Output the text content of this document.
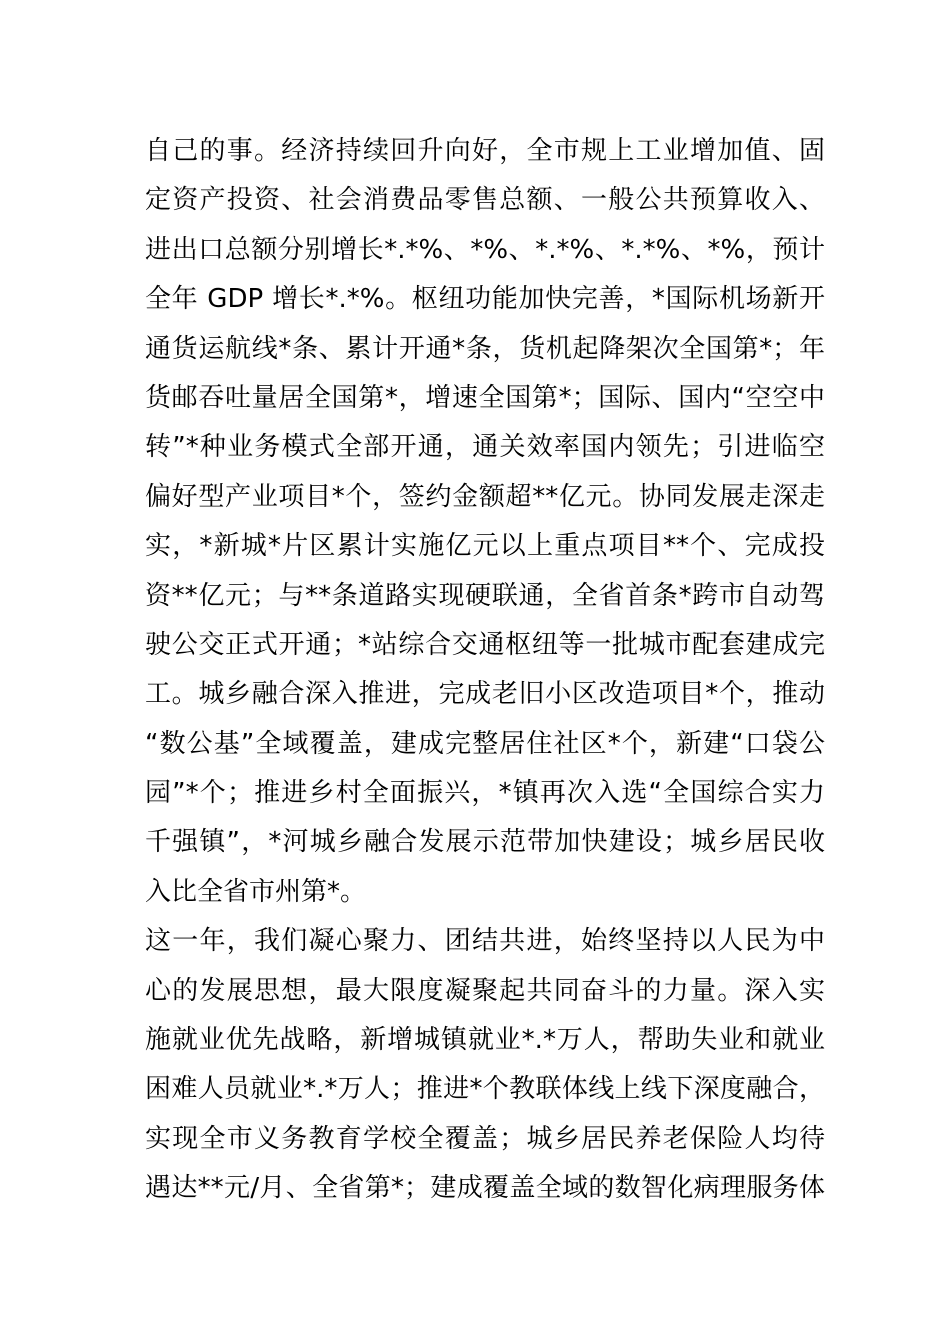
自己的事。经济持续回升向好，全市规上工业增加值、固
定资产投资、社会消费品零售总额、一般公共预算收入、
进出口总额分别增长*.*%、*%、*.*%、*.*%、*%，预计
全年 GDP 增长*.*%。枢纽功能加快完善，*国际机场新开
通货运航线*条、累计开通*条，货机起降架次全国第*；年
货邮吞吐量居全国第*，增速全国第*；国际、国内“空空中
转”*种业务模式全部开通，通关效率国内领先；引进临空
偏好型产业项目*个，签约金额超**亿元。协同发展走深走
实，*新城*片区累计实施亿元以上重点项目**个、完成投
资**亿元；与**条道路实现硬联通，全省首条*跨市自动驾
驶公交正式开通；*站综合交通枢纽等一批城市配套建成完
工。城乡融合深入推进，完成老旧小区改造项目*个，推动
“数公基”全域覆盖，建成完整居住社区*个，新建“口袋公
园”*个；推进乡村全面振兴，*镇再次入选“全国综合实力
千强镇”，*河城乡融合发展示范带加快建设；城乡居民收
入比全省市州第*。
这一年，我们凝心聚力、团结共进，始终坚持以人民为中
心的发展思想，最大限度凝聚起共同奋斗的力量。深入实
施就业优先战略，新增城镇就业*.*万人，帮助失业和就业
困难人员就业*.*万人；推进*个教联体线上线下深度融合，
实现全市义务教育学校全覆盖；城乡居民养老保险人均待
遇达**元/月、全省第*；建成覆盖全域的数智化病理服务体
